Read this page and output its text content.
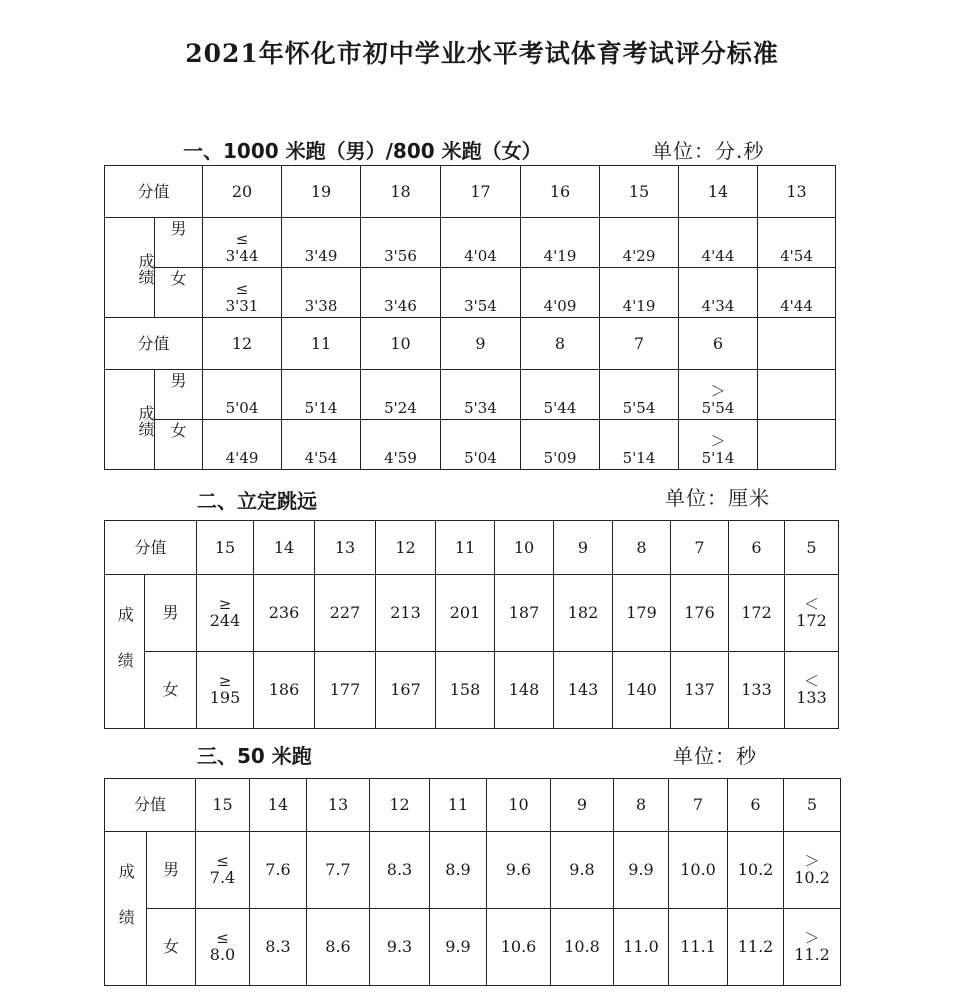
2021年怀化市初中学业水平考试体育考试评分标准
一、1000 米跑（男）/800 米跑（女）	单位：分.秒
分值		20	19	18	17	16	15	14	13
成绩	男	≤
3'44	3'49	3'56	4'04	4'19	4'29	4'44	4'54
	女	≤
3'31	3'38	3'46	3'54	4'09	4'19	4'34	4'44
分值		12	11	10	9	8	7	6	
成绩	男	5'04	5'14	5'24	5'34	5'44	5'54	＞
5'54	
	女	4'49	4'54	4'59	5'04	5'09	5'14	＞
5'14	
二、立定跳远	单位：厘米
分值		15	14	13	12	11	10	9	8	7	6	5
成绩	男	≥
244	236	227	213	201	187	182	179	176	172	＜
172
	女	≥
195	186	177	167	158	148	143	140	137	133	＜
133
三、50 米跑	单位：秒
分值		15	14	13	12	11	10	9	8	7	6	5
成绩	男	≤
7.4	7.6	7.7	8.3	8.9	9.6	9.8	9.9	10.0	10.2	＞
10.2
	女	≤
8.0	8.3	8.6	9.3	9.9	10.6	10.8	11.0	11.1	11.2	＞
11.2
